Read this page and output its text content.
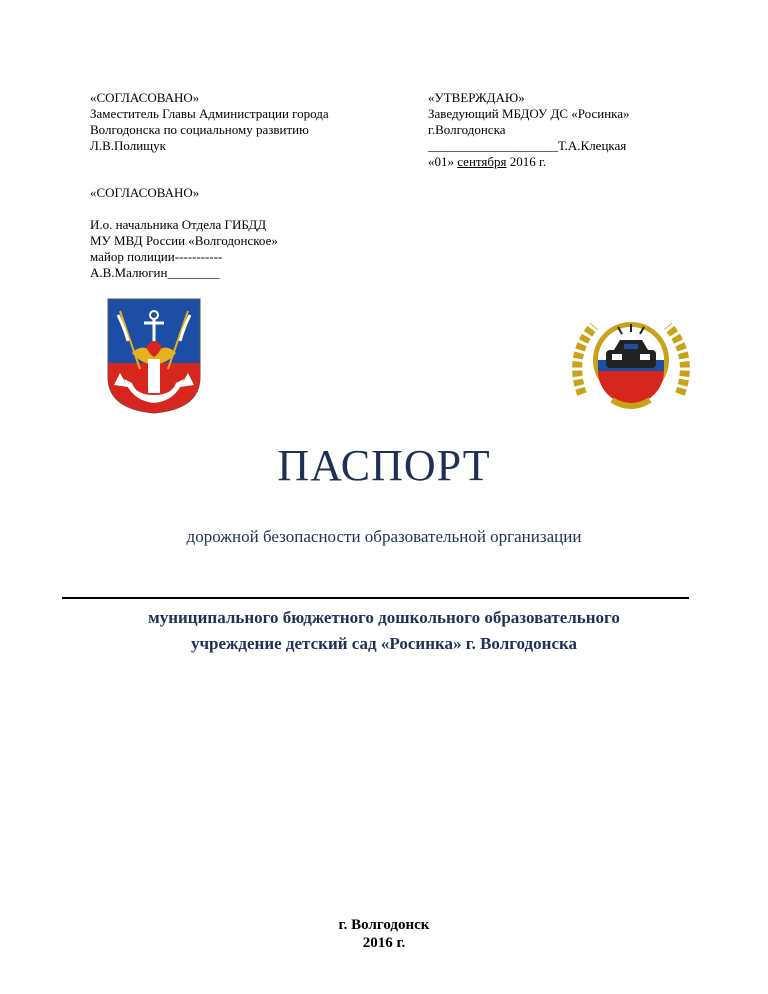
«СОГЛАСОВАНО»
Заместитель Главы Администрации города
Волгодонска по социальному развитию
Л.В.Полищук
«УТВЕРЖДАЮ»
Заведующий МБДОУ ДС «Росинка»
г.Волгодонска
____________________Т.А.Клецкая
«01» сентября 2016 г.
«СОГЛАСОВАНО»
И.о. начальника Отдела ГИБДД
МУ МВД России «Волгодонское»
майор полиции-----------
А.В.Малюгин________
ПАСПОРТ
дорожной безопасности образовательной организации
муниципального бюджетного дошкольного образовательного
учреждение детский сад «Росинка» г. Волгодонска
г. Волгодонск
2016 г.
